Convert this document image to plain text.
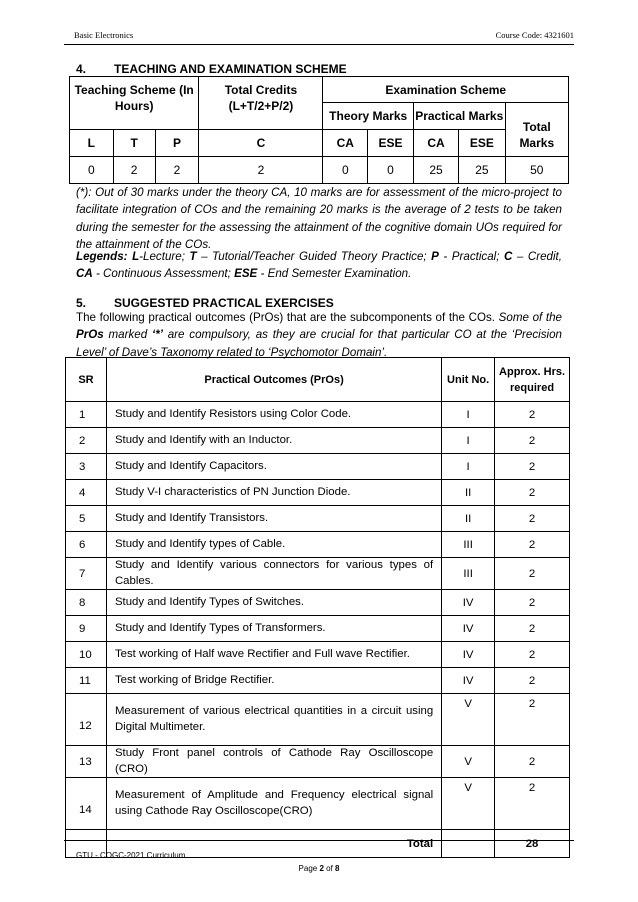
Basic Electronics	Course Code: 4321601
4. TEACHING AND EXAMINATION SCHEME
Teaching Scheme (In Hours)			Total Credits (L+T/2+P/2)	Examination Scheme				
				Theory Marks		Practical Marks		Total Marks
L	T	P	C	CA	ESE	CA	ESE	
0	2	2	2	0	0	25	25	50
(*): Out of 30 marks under the theory CA, 10 marks are for assessment of the micro-project to facilitate integration of COs and the remaining 20 marks is the average of 2 tests to be taken during the semester for the assessing the attainment of the cognitive domain UOs required for the attainment of the COs.
Legends: L-Lecture; T – Tutorial/Teacher Guided Theory Practice; P - Practical; C – Credit, CA - Continuous Assessment; ESE - End Semester Examination.
5. SUGGESTED PRACTICAL EXERCISES
The following practical outcomes (PrOs) that are the subcomponents of the COs. Some of the PrOs marked ‘*’ are compulsory, as they are crucial for that particular CO at the ‘Precision Level’ of Dave’s Taxonomy related to ‘Psychomotor Domain’.
SR	Practical Outcomes (PrOs)	Unit No.	Approx. Hrs. required
1	Study and Identify Resistors using Color Code.	I	2
2	Study and Identify with an Inductor.	I	2
3	Study and Identify Capacitors.	I	2
4	Study V-I characteristics of PN Junction Diode.	II	2
5	Study and Identify Transistors.	II	2
6	Study and Identify types of Cable.	III	2
7	Study and Identify various connectors for various types of Cables.	III	2
8	Study and Identify Types of Switches.	IV	2
9	Study and Identify Types of Transformers.	IV	2
10	Test working of Half wave Rectifier and Full wave Rectifier.	IV	2
11	Test working of Bridge Rectifier.	IV	2
12	Measurement of various electrical quantities in a circuit using Digital Multimeter.	V	2
13	Study Front panel controls of Cathode Ray Oscilloscope (CRO)	V	2
14	Measurement of Amplitude and Frequency electrical signal using Cathode Ray Oscilloscope(CRO)	V	2
	Total		28
GTU - COGC-2021 Curriculum
Page 2 of 8
